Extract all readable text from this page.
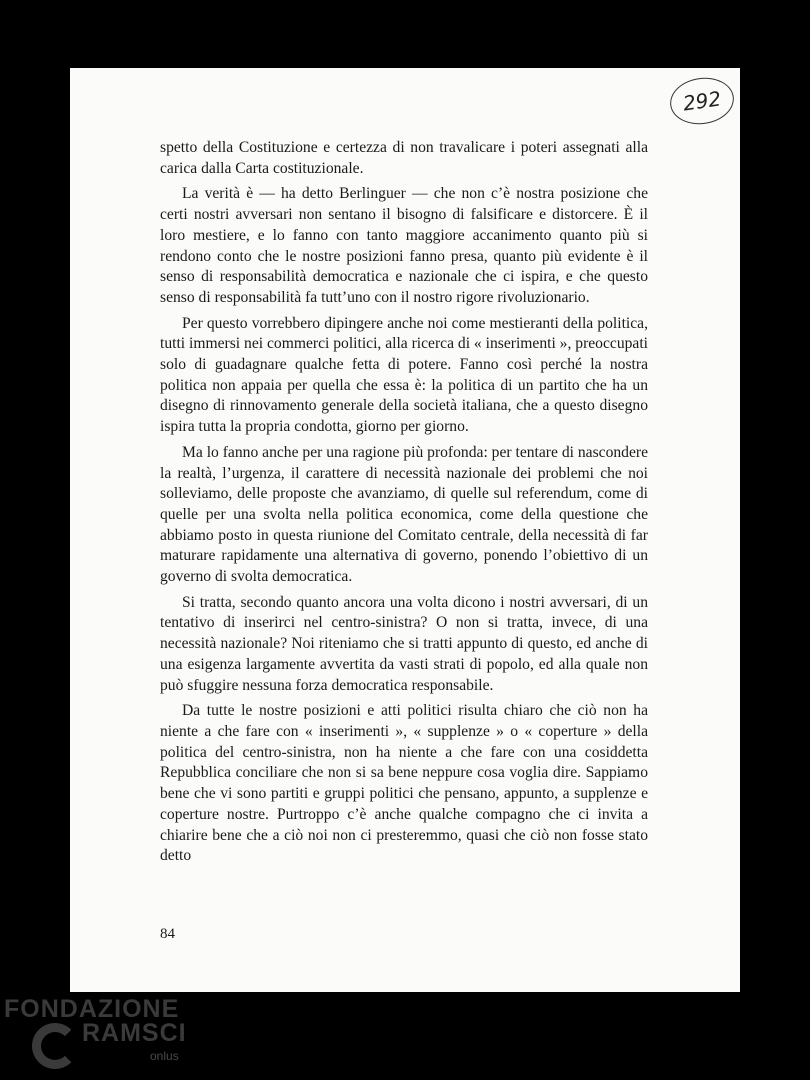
292

spetto della Costituzione e certezza di non travalicare i poteri assegnati alla carica dalla Carta costituzionale.

La verità è — ha detto Berlinguer — che non c’è nostra posizione che certi nostri avversari non sentano il bisogno di falsificare e distorcere. È il loro mestiere, e lo fanno con tanto maggiore accanimento quanto più si rendono conto che le nostre posizioni fanno presa, quanto più evidente è il senso di responsabilità democratica e nazionale che ci ispira, e che questo senso di responsabilità fa tutt’uno con il nostro rigore rivoluzionario.

Per questo vorrebbero dipingere anche noi come mestieranti della politica, tutti immersi nei commerci politici, alla ricerca di « inserimenti », preoccupati solo di guadagnare qualche fetta di potere. Fanno così perché la nostra politica non appaia per quella che essa è: la politica di un partito che ha un disegno di rinnovamento generale della società italiana, che a questo disegno ispira tutta la propria condotta, giorno per giorno.

Ma lo fanno anche per una ragione più profonda: per tentare di nascondere la realtà, l’urgenza, il carattere di necessità nazionale dei problemi che noi solleviamo, delle proposte che avanziamo, di quelle sul referendum, come di quelle per una svolta nella politica economica, come della questione che abbiamo posto in questa riunione del Comitato centrale, della necessità di far maturare rapidamente una alternativa di governo, ponendo l’obiettivo di un governo di svolta democratica.

Si tratta, secondo quanto ancora una volta dicono i nostri avversari, di un tentativo di inserirci nel centro-sinistra? O non si tratta, invece, di una necessità nazionale? Noi riteniamo che si tratti appunto di questo, ed anche di una esigenza largamente avvertita da vasti strati di popolo, ed alla quale non può sfuggire nessuna forza democratica responsabile.

Da tutte le nostre posizioni e atti politici risulta chiaro che ciò non ha niente a che fare con « inserimenti », « supplenze » o « coperture » della politica del centro-sinistra, non ha niente a che fare con una cosiddetta Repubblica conciliare che non si sa bene neppure cosa voglia dire. Sappiamo bene che vi sono partiti e gruppi politici che pensano, appunto, a supplenze e coperture nostre. Purtroppo c’è anche qualche compagno che ci invita a chiarire bene che a ciò noi non ci presteremmo, quasi che ciò non fosse stato detto

84
FONDAZIONE
RAMSCI
onlus
